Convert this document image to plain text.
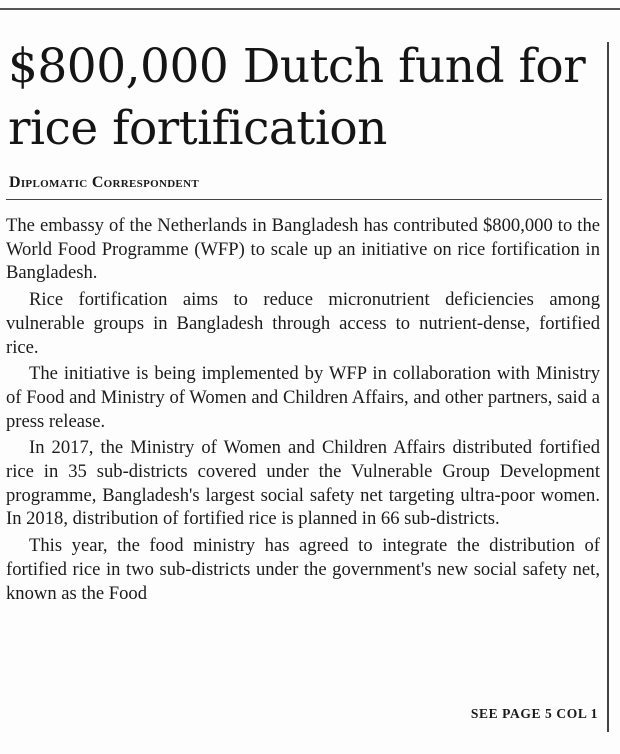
$800,000 Dutch fund for rice fortification
Diplomatic Correspondent

The embassy of the Netherlands in Bangladesh has contributed $800,000 to the World Food Programme (WFP) to scale up an initiative on rice fortification in Bangladesh.

Rice fortification aims to reduce micronutrient deficiencies among vulnerable groups in Bangladesh through access to nutrient-dense, fortified rice.

The initiative is being implemented by WFP in collaboration with Ministry of Food and Ministry of Women and Children Affairs, and other partners, said a press release.

In 2017, the Ministry of Women and Children Affairs distributed fortified rice in 35 sub-districts covered under the Vulnerable Group Development programme, Bangladesh's largest social safety net targeting ultra-poor women. In 2018, distribution of fortified rice is planned in 66 sub-districts.

This year, the food ministry has agreed to integrate the distribution of fortified rice in two sub-districts under the government's new social safety net, known as the Food

SEE PAGE 5 COL 1
